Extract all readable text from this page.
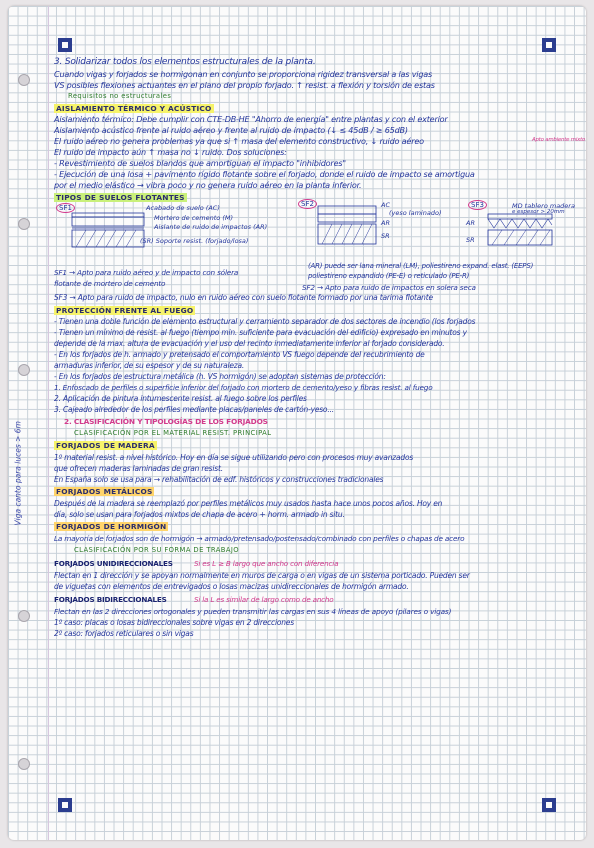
Viga canto para luces > 6m
3. Solidarizar todos los elementos estructurales de la planta.
Cuando vigas y forjados se hormigonan en conjunto se proporciona rigidez transversal a las vigas
VS posibles flexiones actuantes en el plano del propio forjado. ↑ resist. a flexión y torsión de estas
Requisitos no estructurales
AISLAMIENTO TÉRMICO Y ACÚSTICO
Aislamiento térmico: Debe cumplir con CTE-DB-HE "Ahorro de energía" entre plantas y con el exterior
Aislamiento acústico frente al ruido aéreo y frente al ruido de impacto (↓ ≤ 45dB / ≥ 65dB)
El ruido aéreo no genera problemas ya que si ↑ masa del elemento constructivo, ↓ ruido aéreo	Apto ambiente mixto
El ruido de impacto aún ↑ masa no ↓ ruido. Dos soluciones:
- Revestimiento de suelos blandos que amortiguan el impacto "inhibidores"
- Ejecución de una losa + pavimento rígido flotante sobre el forjado, donde el ruido de impacto se amortigua
por el medio elástico → vibra poco y no genera ruido aéreo en la planta inferior.
TIPOS DE SUELOS FLOTANTES
SF1	Acabado de suelo (AC)
Mortero de cemento (M)
Aislante de ruido de impactos (AR)
(SR) Soporte resist. (forjado/losa)
SF2	AC
(yeso laminado)
AR
SR
SF3	MD tablero madera
e espesor > 20mm
AR
SR
(AR) puede ser lana mineral (LM), poliestireno expand. elast. (EEPS)
poliestireno expandido (PE-E) o reticulado (PE-R)
SF1 → Apto para ruido aéreo y de impacto con sólera
flotante de mortero de cemento	SF2 → Apto para ruido de impactos en solera seca
SF3 → Apto para ruido de impacto, nulo en ruido aéreo con suelo flotante formado por una tarima flotante
PROTECCIÓN FRENTE AL FUEGO
- Tienen una doble función de elemento estructural y cerramiento separador de dos sectores de incendio (los forjados
- Tienen un mínimo de resist. al fuego (tiempo min. suficiente para evacuación del edificio) expresado en minutos y
depende de la max. altura de evacuación y el uso del recinto inmediatamente inferior al forjado considerado.
- En los forjados de h. armado y pretensado el comportamiento VS fuego depende del recubrimiento de
armaduras inferior, de su espesor y de su naturaleza.
- En los forjados de estructura metálica (h. VS hormigón) se adoptan sistemas de protección:
1. Enfoscado de perfiles o superficie inferior del forjado con mortero de cemento/yeso y fibras resist. al fuego
2. Aplicación de pintura intumescente resist. al fuego sobre los perfiles
3. Cajeado alrededor de los perfiles mediante placas/paneles de cartón-yeso...
2. CLASIFICACIÓN Y TIPOLOGÍAS DE LOS FORJADOS
CLASIFICACIÓN POR EL MATERIAL RESIST. PRINCIPAL
FORJADOS DE MADERA
1º material resist. a nivel histórico. Hoy en día se sigue utilizando pero con procesos muy avanzados
que ofrecen maderas laminadas de gran resist.
En España solo se usa para → rehabilitación de edf. históricos y construcciones tradicionales
FORJADOS METÁLICOS
Después de la madera se reemplazó por perfiles metálicos muy usados hasta hace unos pocos años. Hoy en
día, solo se usan para forjados mixtos de chapa de acero + horm. armado in situ.
FORJADOS DE HORMIGÓN
La mayoría de forjados son de hormigón → armado/pretensado/postensado/combinado con perfiles o chapas de acero
CLASIFICACIÓN POR SU FORMA DE TRABAJO
FORJADOS UNIDIRECCIONALES	Si es L ≥ B largo que ancho con diferencia
Flectan en 1 dirección y se apoyan normalmente en muros de carga o en vigas de un sistema porticado. Pueden ser
de viguetas con elementos de entrevigados o losas macizas unidireccionales de hormigón armado.
FORJADOS BIDIRECCIONALES	Si la L es similar de largo como de ancho
Flectan en las 2 direcciones ortogonales y pueden transmitir las cargas en sus 4 líneas de apoyo (pilares o vigas)
1º caso: placas o losas bidireccionales sobre vigas en 2 direcciones
2º caso: forjados reticulares o sin vigas
